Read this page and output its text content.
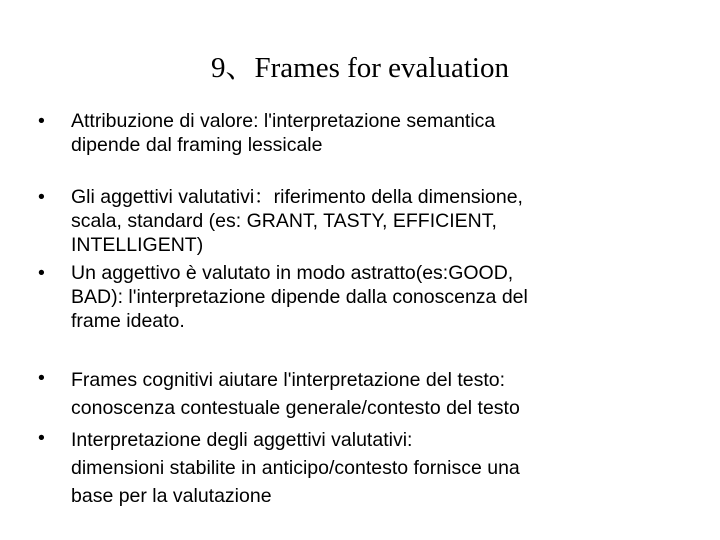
9、Frames for evaluation
•	Attribuzione di valore: l'interpretazione semantica
dipende dal framing lessicale
•	Gli aggettivi valutativi：riferimento della dimensione,
scala, standard (es: GRANT, TASTY, EFFICIENT,
INTELLIGENT)
•	Un aggettivo è valutato in modo astratto(es:GOOD,
BAD): l'interpretazione dipende dalla conoscenza del
frame ideato.
•	Frames cognitivi aiutare l'interpretazione del testo:
conoscenza contestuale generale/contesto del testo
•	Interpretazione degli aggettivi valutativi:
dimensioni stabilite in anticipo/contesto fornisce una
base per la valutazione
